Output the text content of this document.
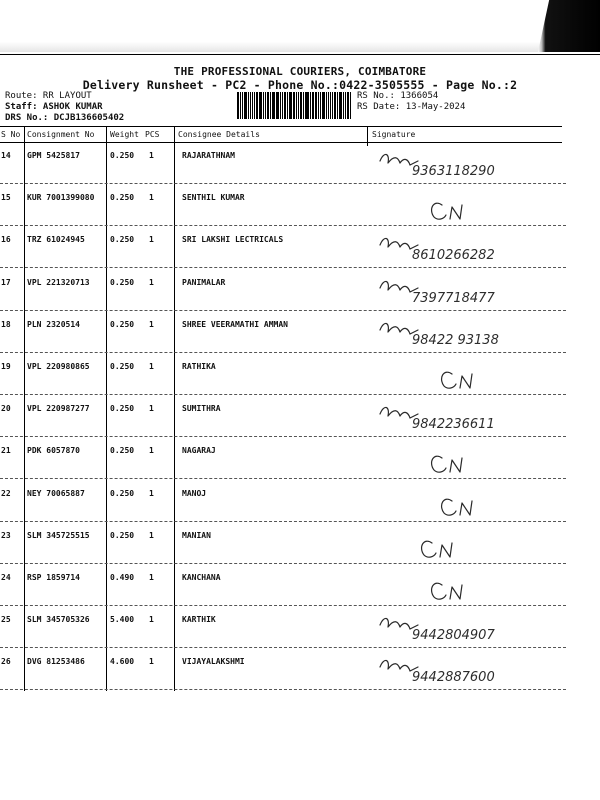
THE PROFESSIONAL COURIERS, COIMBATORE
Delivery Runsheet - PC2 - Phone No.:0422-3505555 - Page No.:2
Route: RR LAYOUT
Staff: ASHOK KUMAR
DRS No.: DCJB136605402
RS No.: 1366054
RS Date: 13-May-2024
S No Consignment No Weight PCS Consignee Details	Signature
14 GPM 5425817	0.250 1	RAJARATHNAM
9363118290
15 KUR 7001399080 0.250 1	SENTHIL KUMAR
16 TRZ 61024945	0.250 1	SRI LAKSHI LECTRICALS
8610266282
17 VPL 221320713	0.250 1	PANIMALAR
7397718477
18 PLN 2320514	0.250 1	SHREE VEERAMATHI AMMAN
98422 93138
19 VPL 220980865	0.250 1	RATHIKA
20 VPL 220987277	0.250 1	SUMITHRA
9842236611
21 PDK 6057870	0.250 1	NAGARAJ
22 NEY 70065887	0.250 1	MANOJ
23 SLM 345725515	0.250 1	MANIAN
24 RSP 1859714	0.490 1	KANCHANA
25 SLM 345705326	5.400 1	KARTHIK
9442804907
26 DVG 81253486	4.600 1	VIJAYALAKSHMI
9442887600
